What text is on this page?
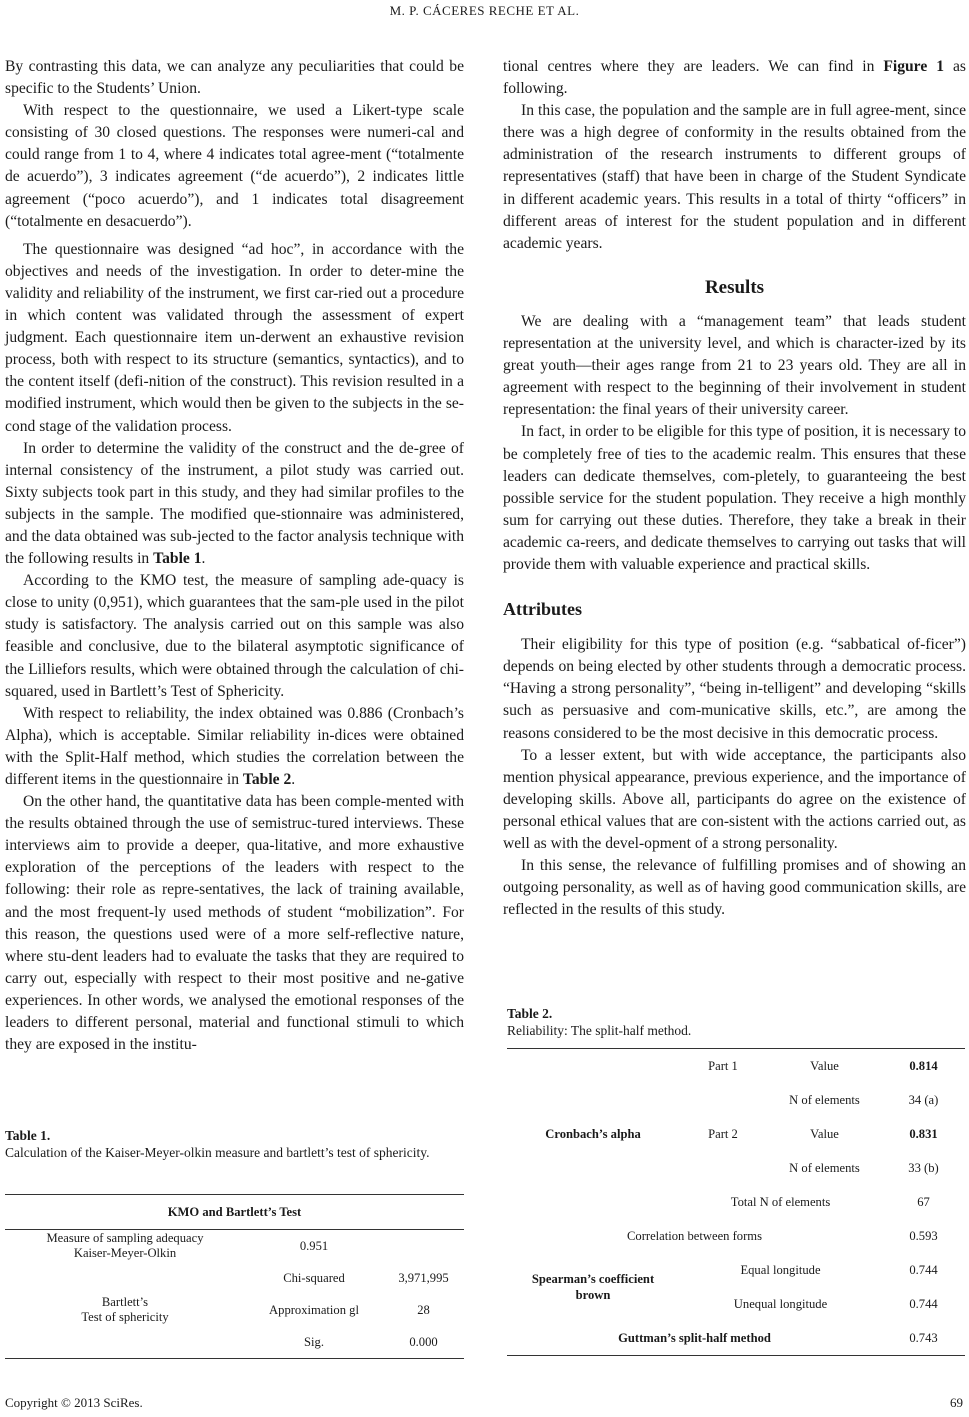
M. P. CÁCERES RECHE ET AL.

By contrasting this data, we can analyze any peculiarities that could be specific to the Students’ Union.

With respect to the questionnaire, we used a Likert-type scale consisting of 30 closed questions. The responses were numeri-cal and could range from 1 to 4, where 4 indicates total agree-ment (“totalmente de acuerdo”), 3 indicates agreement (“de acuerdo”), 2 indicates little agreement (“poco acuerdo”), and 1 indicates total disagreement (“totalmente en desacuerdo”).

The questionnaire was designed “ad hoc”, in accordance with the objectives and needs of the investigation. In order to deter-mine the validity and reliability of the instrument, we first car-ried out a procedure in which content was validated through the assessment of expert judgment. Each questionnaire item un-derwent an exhaustive revision process, both with respect to its structure (semantics, syntactics), and to the content itself (defi-nition of the construct). This revision resulted in a modified instrument, which would then be given to the subjects in the se-cond stage of the validation process.

In order to determine the validity of the construct and the de-gree of internal consistency of the instrument, a pilot study was carried out. Sixty subjects took part in this study, and they had similar profiles to the subjects in the sample. The modified que-stionnaire was administered, and the data obtained was sub-jected to the factor analysis technique with the following results in Table 1.

According to the KMO test, the measure of sampling ade-quacy is close to unity (0,951), which guarantees that the sam-ple used in the pilot study is satisfactory. The analysis carried out on this sample was also feasible and conclusive, due to the bilateral asymptotic significance of the Lilliefors results, which were obtained through the calculation of chi-squared, used in Bartlett’s Test of Sphericity.

With respect to reliability, the index obtained was 0.886 (Cronbach’s Alpha), which is acceptable. Similar reliability in-dices were obtained with the Split-Half method, which studies the correlation between the different items in the questionnaire in Table 2.

On the other hand, the quantitative data has been comple-mented with the results obtained through the use of semistruc-tured interviews. These interviews aim to provide a deeper, qua-litative, and more exhaustive exploration of the perceptions of the leaders with respect to the following: their role as repre-sentatives, the lack of training available, and the most frequent-ly used methods of student “mobilization”. For this reason, the questions used were of a more self-reflective nature, where stu-dent leaders had to evaluate the tasks that they are required to carry out, especially with respect to their most positive and ne-gative experiences. In other words, we analysed the emotional responses of the leaders to different personal, material and functional stimuli to which they are exposed in the institu-

Table 1.
Calculation of the Kaiser-Meyer-olkin measure and bartlett’s test of sphericity.
KMO and Bartlett’s Test		
Measure of sampling adequacy
Kaiser-Meyer-Olkin	0.951	
Bartlett’s
Test of sphericity	Chi-squared	3,971,995
	Approximation gl	28
	Sig.	0.000

tional centres where they are leaders. We can find in Figure 1 as following.

In this case, the population and the sample are in full agree-ment, since there was a high degree of conformity in the results obtained from the administration of the research instruments to different groups of representatives (staff) that have been in charge of the Student Syndicate in different academic years. This results in a total of thirty “officers” in different areas of interest for the student population and in different academic years.

Results

We are dealing with a “management team” that leads student representation at the university level, and which is character-ized by its great youth—their ages range from 21 to 23 years old. They are all in agreement with respect to the beginning of their involvement in student representation: the final years of their university career.

In fact, in order to be eligible for this type of position, it is necessary to be completely free of ties to the academic realm. This ensures that these leaders can dedicate themselves, com-pletely, to guaranteeing the best possible service for the student population. They receive a high monthly sum for carrying out these duties. Therefore, they take a break in their academic ca-reers, and dedicate themselves to carrying out tasks that will provide them with valuable experience and practical skills.

Attributes

Their eligibility for this type of position (e.g. “sabbatical of-ficer”) depends on being elected by other students through a democratic process. “Having a strong personality”, “being in-telligent” and developing “skills such as persuasive and com-municative skills, etc.”, are among the reasons considered to be the most decisive in this democratic process.

To a lesser extent, but with wide acceptance, the participants also mention physical appearance, previous experience, and the importance of developing skills. Above all, participants do agree on the existence of personal ethical values that are con-sistent with the actions carried out, as well as with the devel-opment of a strong personality.

In this sense, the relevance of fulfilling promises and of showing an outgoing personality, as well as of having good communication skills, are reflected in the results of this study.

Table 2.
Reliability: The split-half method.
Cronbach’s alpha	Part 1	Value	0.814
		N of elements	34 (a)
	Part 2	Value	0.831
		N of elements	33 (b)
	Total N of elements		67
Correlation between forms			0.593
Spearman’s coefficient
brown	Equal longitude		0.744
	Unequal longitude		0.744
Guttman’s split-half method			0.743
Copyright © 2013 SciRes.	69
